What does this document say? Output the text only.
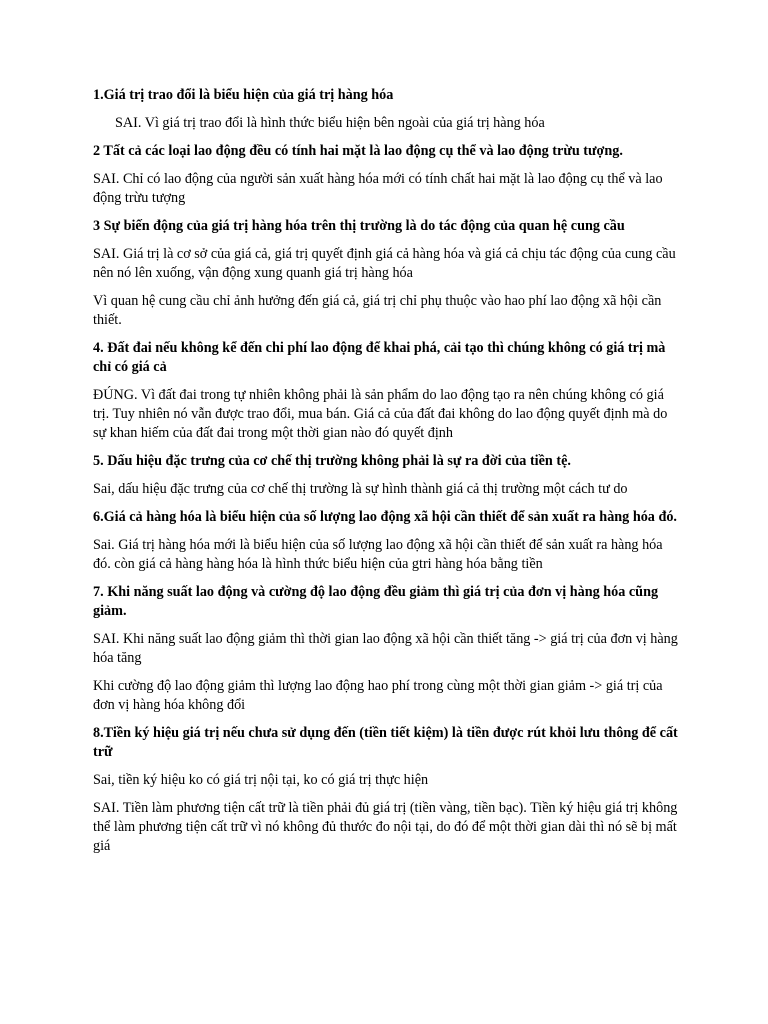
1.Giá trị trao đổi là biểu hiện của giá trị hàng hóa

SAI. Vì giá trị trao đổi là hình thức biểu hiện bên ngoài của giá trị hàng hóa

2 Tất cả các loại lao động đều có tính hai mặt là lao động cụ thể và lao động trừu tượng.

SAI. Chỉ có lao động của người sản xuất hàng hóa mới có tính chất hai mặt là lao động cụ thể và lao động trừu tượng

3 Sự biến động của giá trị hàng hóa trên thị trường là do tác động của quan hệ cung cầu

SAI. Giá trị là cơ sở của giá cả, giá trị quyết định giá cả hàng hóa và giá cả chịu tác động của cung cầu nên nó lên xuống, vận động xung quanh giá trị hàng hóa

Vì quan hệ cung cầu chỉ ảnh hưởng đến giá cả, giá trị chỉ phụ thuộc vào hao phí lao động xã hội cần thiết.

4. Đất đai nếu không kể đến chi phí lao động để khai phá, cải tạo thì chúng không có giá trị mà chỉ có giá cả

ĐÚNG. Vì đất đai trong tự nhiên không phải là sản phẩm do lao động tạo ra nên chúng không có giá trị. Tuy nhiên nó vẫn được trao đổi, mua bán. Giá cả của đất đai không do lao động quyết định mà do sự khan hiếm của đất đai trong một thời gian nào đó quyết định

5. Dấu hiệu đặc trưng của cơ chế thị trường không phải là sự ra đời của tiền tệ.

Sai, dấu hiệu đặc trưng của cơ chế thị trường là sự hình thành giá cả thị trường một cách tư do

6.Giá cả hàng hóa là biểu hiện của số lượng lao động xã hội cần thiết để sản xuất ra hàng hóa đó.

Sai. Giá trị hàng hóa mới là biểu hiện của số lượng lao động xã hội cần thiết để sản xuất ra hàng hóa đó. còn giá cả hàng hàng hóa là hình thức biểu hiện của gtri hàng hóa bằng tiền

7. Khi năng suất lao động và cường độ lao động đều giảm thì giá trị của đơn vị hàng hóa cũng giảm.

SAI. Khi năng suất lao động giảm thì thời gian lao động xã hội cần thiết tăng -> giá trị của đơn vị hàng hóa tăng

Khi cường độ lao động giảm thì lượng lao động hao phí trong cùng một thời gian giảm -> giá trị của đơn vị hàng hóa không đổi

8.Tiền ký hiệu giá trị nếu chưa sử dụng đến (tiền tiết kiệm) là tiền được rút khỏi lưu thông để cất trữ

Sai, tiền ký hiệu ko có giá trị nội tại, ko có giá trị thực hiện

SAI. Tiền làm phương tiện cất trữ là tiền phải đủ giá trị (tiền vàng, tiền bạc). Tiền ký hiệu giá trị không thể làm phương tiện cất trữ vì nó không đủ thước đo nội tại, do đó để một thời gian dài thì nó sẽ bị mất giá
